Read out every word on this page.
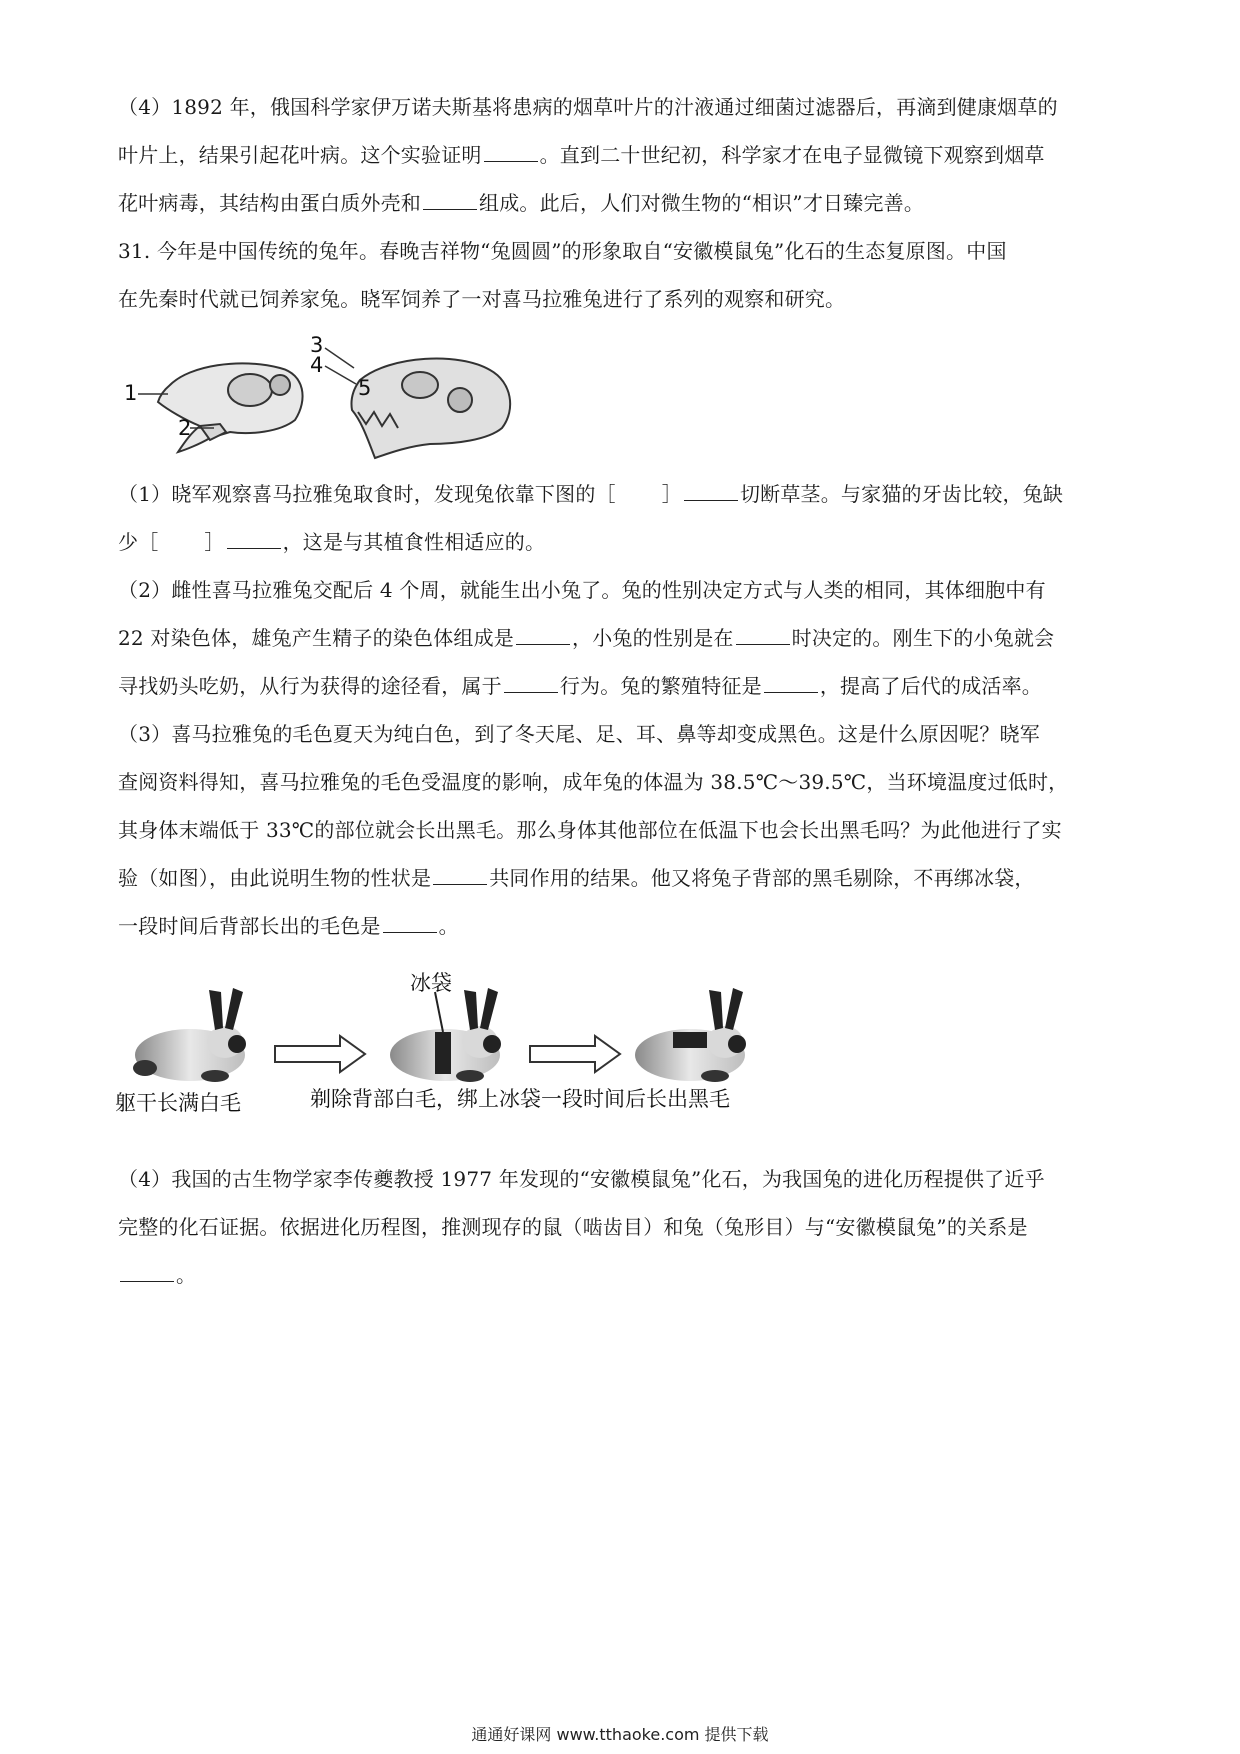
（4）1892 年，俄国科学家伊万诺夫斯基将患病的烟草叶片的汁液通过细菌过滤器后，再滴到健康烟草的

叶片上，结果引起花叶病。这个实验证明	。直到二十世纪初，科学家才在电子显微镜下观察到烟草

花叶病毒，其结构由蛋白质外壳和	组成。此后，人们对微生物的“相识”才日臻完善。

31. 今年是中国传统的兔年。春晚吉祥物“兔圆圆”的形象取自“安徽模鼠兔”化石的生态复原图。中国

在先秦时代就已饲养家兔。晓军饲养了一对喜马拉雅兔进行了系列的观察和研究。

1
2
3
4
5

（1）晓军观察喜马拉雅兔取食时，发现兔依靠下图的［ ］	切断草茎。与家猫的牙齿比较，兔缺

少［ ］	，这是与其植食性相适应的。

（2）雌性喜马拉雅兔交配后 4 个周，就能生出小兔了。兔的性别决定方式与人类的相同，其体细胞中有

22 对染色体，雄兔产生精子的染色体组成是	，小兔的性别是在	时决定的。刚生下的小兔就会

寻找奶头吃奶，从行为获得的途径看，属于	行为。兔的繁殖特征是	，提高了后代的成活率。

（3）喜马拉雅兔的毛色夏天为纯白色，到了冬天尾、足、耳、鼻等却变成黑色。这是什么原因呢？晓军

查阅资料得知，喜马拉雅兔的毛色受温度的影响，成年兔的体温为 38.5℃～39.5℃，当环境温度过低时，

其身体末端低于 33℃的部位就会长出黑毛。那么身体其他部位在低温下也会长出黑毛吗？为此他进行了实

验（如图），由此说明生物的性状是	共同作用的结果。他又将兔子背部的黑毛剔除，不再绑冰袋，

一段时间后背部长出的毛色是	。

冰袋
躯干长满白毛	剃除背部白毛，绑上冰袋一段时间后长出黑毛

（4）我国的古生物学家李传夔教授 1977 年发现的“安徽模鼠兔”化石，为我国兔的进化历程提供了近乎

完整的化石证据。依据进化历程图，推测现存的鼠（啮齿目）和兔（兔形目）与“安徽模鼠兔”的关系是

。

通通好课网 www.tthaoke.com 提供下载
